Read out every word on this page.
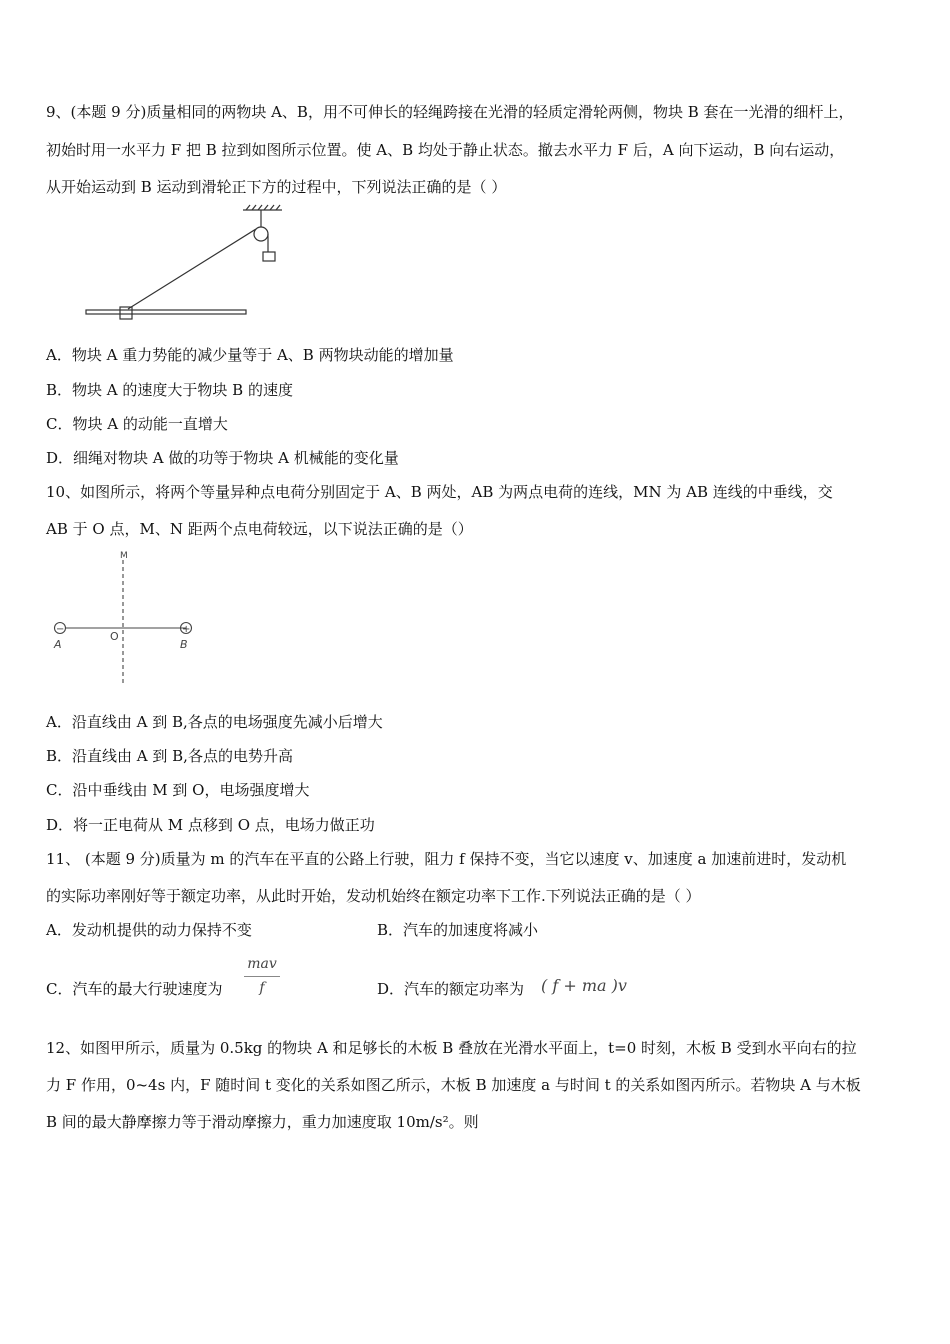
9、(本题 9 分)质量相同的两物块 A、B，用不可伸长的轻绳跨接在光滑的轻质定滑轮两侧，物块 B 套在一光滑的细杆上，
初始时用一水平力 F 把 B 拉到如图所示位置。使 A、B 均处于静止状态。撤去水平力 F 后，A 向下运动，B 向右运动，
从开始运动到 B 运动到滑轮正下方的过程中，下列说法正确的是（ ）
A．物块 A 重力势能的减少量等于 A、B 两物块动能的增加量
B．物块 A 的速度大于物块 B 的速度
C．物块 A 的动能一直增大
D．细绳对物块 A 做的功等于物块 A 机械能的变化量
10、如图所示，将两个等量异种点电荷分别固定于 A、B 两处，AB 为两点电荷的连线，MN 为 AB 连线的中垂线，交
AB 于 O 点，M、N 距两个点电荷较远，以下说法正确的是（）
M
O
A	B
−	+
A．沿直线由 A 到 B,各点的电场强度先减小后增大
B．沿直线由 A 到 B,各点的电势升高
C．沿中垂线由 M 到 O，电场强度增大
D．将一正电荷从 M 点移到 O 点，电场力做正功
11、 (本题 9 分)质量为 m 的汽车在平直的公路上行驶，阻力 f 保持不变，当它以速度 v、加速度 a 加速前进时，发动机
的实际功率刚好等于额定功率，从此时开始，发动机始终在额定功率下工作.下列说法正确的是（ ）
A．发动机提供的动力保持不变	B．汽车的加速度将减小
C．汽车的最大行驶速度为
mav
f	D．汽车的额定功率为 ( f + ma )v
12、如图甲所示，质量为 0.5kg 的物块 A 和足够长的木板 B 叠放在光滑水平面上，t=0 时刻，木板 B 受到水平向右的拉
力 F 作用，0~4s 内，F 随时间 t 变化的关系如图乙所示，木板 B 加速度 a 与时间 t 的关系如图丙所示。若物块 A 与木板
B 间的最大静摩擦力等于滑动摩擦力，重力加速度取 10m/s²。则
